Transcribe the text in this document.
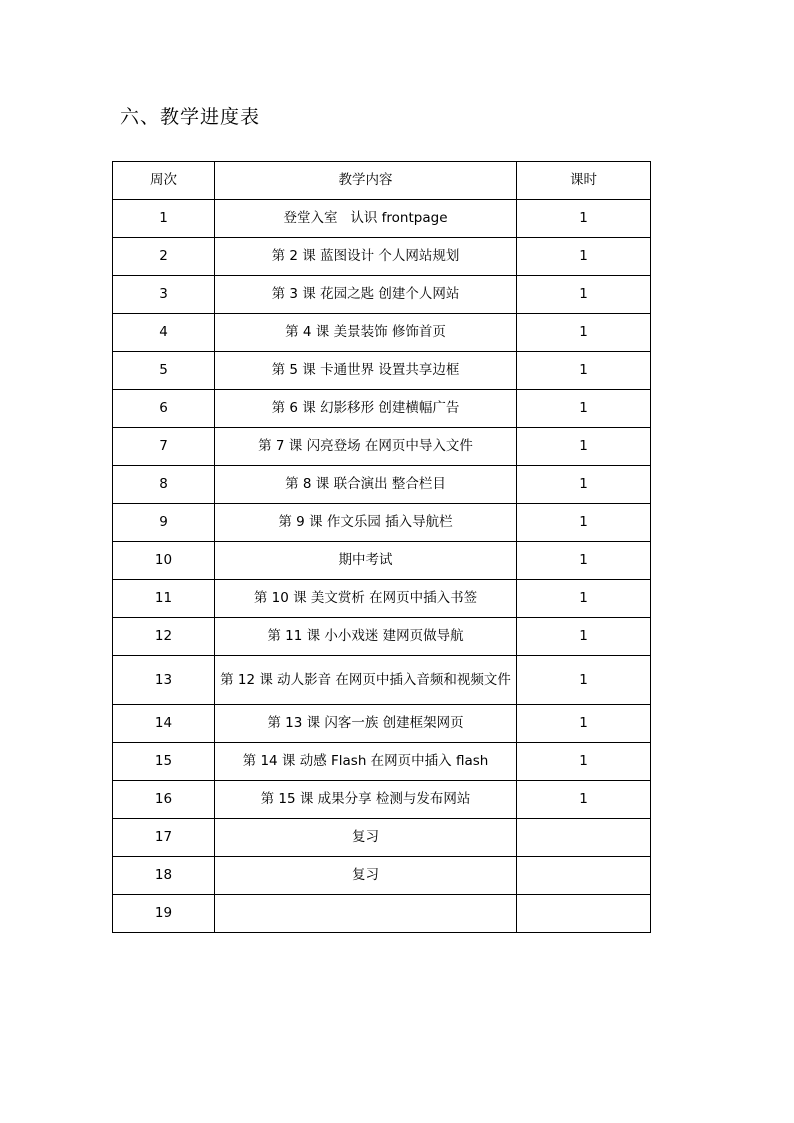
六、教学进度表
周次	教学内容	课时
1	登堂入室   认识 frontpage	1
2	第 2 课 蓝图设计 个人网站规划	1
3	第 3 课 花园之匙 创建个人网站	1
4	第 4 课 美景装饰 修饰首页	1
5	第 5 课 卡通世界 设置共享边框	1
6	第 6 课 幻影移形 创建横幅广告	1
7	第 7 课 闪亮登场 在网页中导入文件	1
8	第 8 课 联合演出 整合栏目	1
9	第 9 课 作文乐园 插入导航栏	1
10	期中考试	1
11	第 10 课 美文赏析 在网页中插入书签	1
12	第 11 课 小小戏迷 建网页做导航	1
13	第 12 课 动人影音 在网页中插入音频和视频文件	1
14	第 13 课 闪客一族 创建框架网页	1
15	第 14 课 动感 Flash 在网页中插入 flash	1
16	第 15 课 成果分享 检测与发布网站	1
17	复习	
18	复习	
19		
